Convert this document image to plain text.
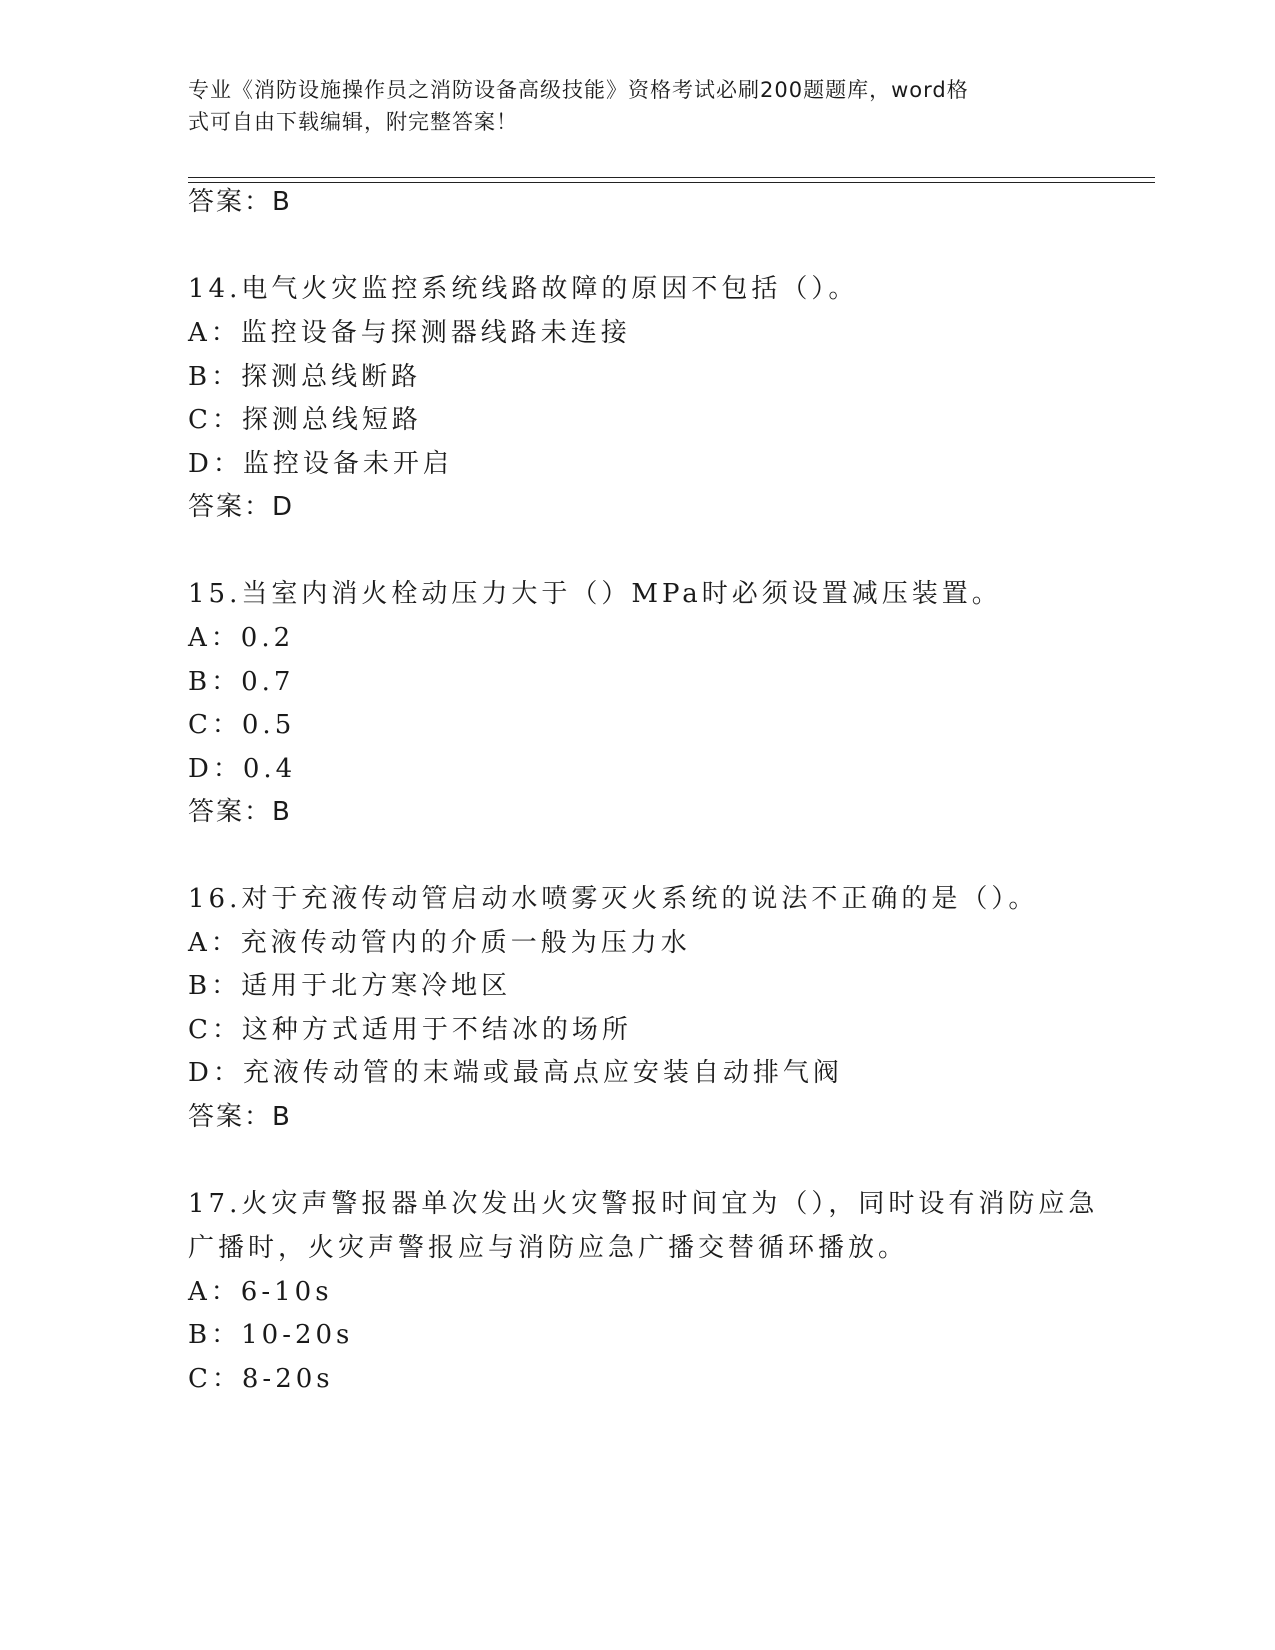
专业《消防设施操作员之消防设备高级技能》资格考试必刷200题题库，word格
式可自由下载编辑，附完整答案！
答案：B
14.电气火灾监控系统线路故障的原因不包括（）。
A：监控设备与探测器线路未连接
B：探测总线断路
C：探测总线短路
D：监控设备未开启
答案：D
15.当室内消火栓动压力大于（）MPa时必须设置减压装置。
A：0.2
B：0.7
C：0.5
D：0.4
答案：B
16.对于充液传动管启动水喷雾灭火系统的说法不正确的是（）。
A：充液传动管内的介质一般为压力水
B：适用于北方寒冷地区
C：这种方式适用于不结冰的场所
D：充液传动管的末端或最高点应安装自动排气阀
答案：B
17.火灾声警报器单次发出火灾警报时间宜为（），同时设有消防应急
广播时，火灾声警报应与消防应急广播交替循环播放。
A：6-10s
B：10-20s
C：8-20s
